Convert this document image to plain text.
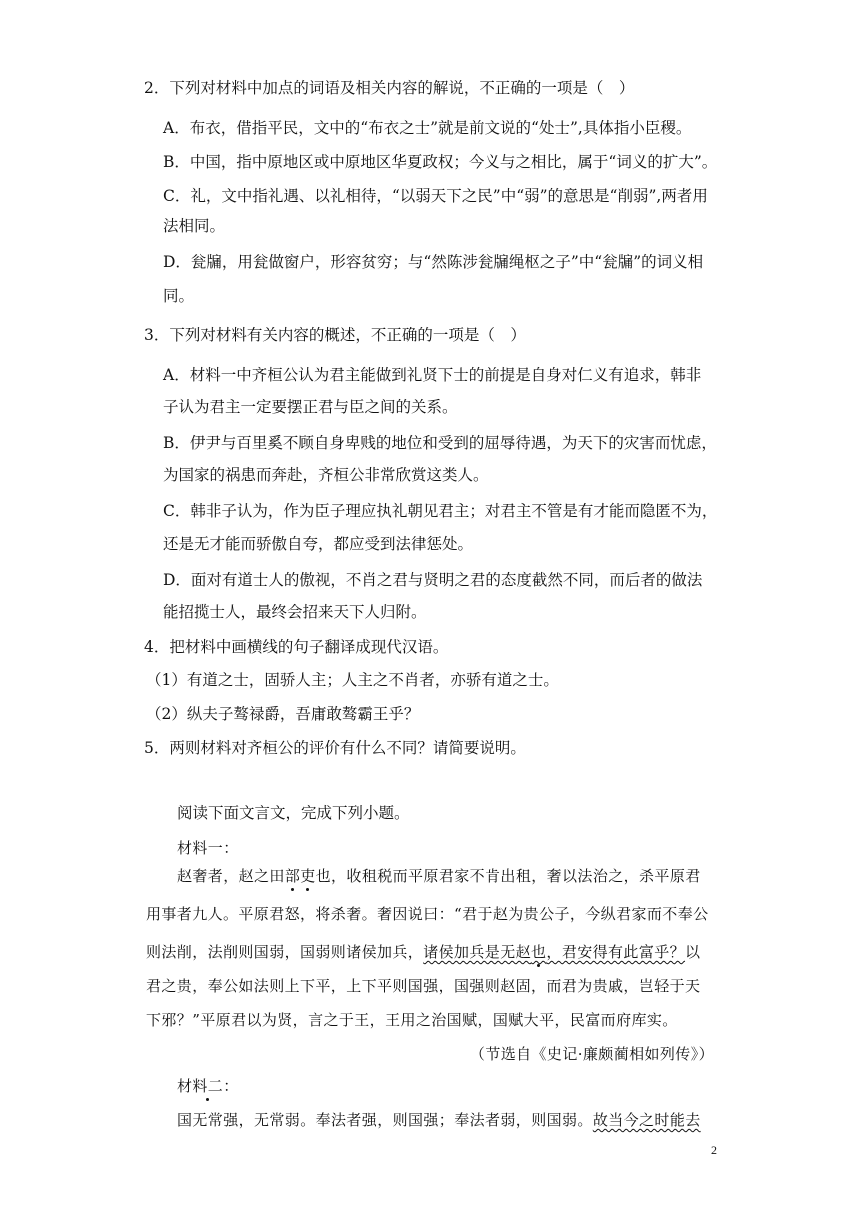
2．下列对材料中加点的词语及相关内容的解说，不正确的一项是（　）
A．布衣，借指平民，文中的“布衣之士”就是前文说的“处士”,具体指小臣稷。
B．中国，指中原地区或中原地区华夏政权；今义与之相比，属于“词义的扩大”。
C．礼，文中指礼遇、以礼相待，“以弱天下之民”中“弱”的意思是“削弱”,两者用
法相同。
D．瓮牖，用瓮做窗户，形容贫穷；与“然陈涉瓮牖绳枢之子”中“瓮牖”的词义相
同。
3．下列对材料有关内容的概述，不正确的一项是（　）
A．材料一中齐桓公认为君主能做到礼贤下士的前提是自身对仁义有追求，韩非
子认为君主一定要摆正君与臣之间的关系。
B．伊尹与百里奚不顾自身卑贱的地位和受到的屈辱待遇，为天下的灾害而忧虑，
为国家的祸患而奔赴，齐桓公非常欣赏这类人。
C．韩非子认为，作为臣子理应执礼朝见君主；对君主不管是有才能而隐匿不为，
还是无才能而骄傲自夸，都应受到法律惩处。
D．面对有道士人的傲视，不肖之君与贤明之君的态度截然不同，而后者的做法
能招揽士人，最终会招来天下人归附。
4．把材料中画横线的句子翻译成现代汉语。
（1）有道之士，固骄人主；人主之不肖者，亦骄有道之士。
（2）纵夫子骜禄爵，吾庸敢骜霸王乎？
5．两则材料对齐桓公的评价有什么不同？请简要说明。
阅读下面文言文，完成下列小题。
材料一：
赵奢者，赵之田部吏也，收租税而平原君家不肯出租，奢以法治之，杀平原君
用事者九人。平原君怒，将杀奢。奢因说曰：“君于赵为贵公子，今纵君家而不奉公
则法削，法削则国弱，国弱则诸侯加兵，诸侯加兵是无赵也，君安得有此富乎？以
君之贵，奉公如法则上下平，上下平则国强，国强则赵固，而君为贵戚，岂轻于天
下邪？”平原君以为贤，言之于王，王用之治国赋，国赋大平，民富而府库实。
（节选自《史记·廉颇蔺相如列传》）
材料二：
国无常强，无常弱。奉法者强，则国强；奉法者弱，则国弱。故当今之时能去
2
